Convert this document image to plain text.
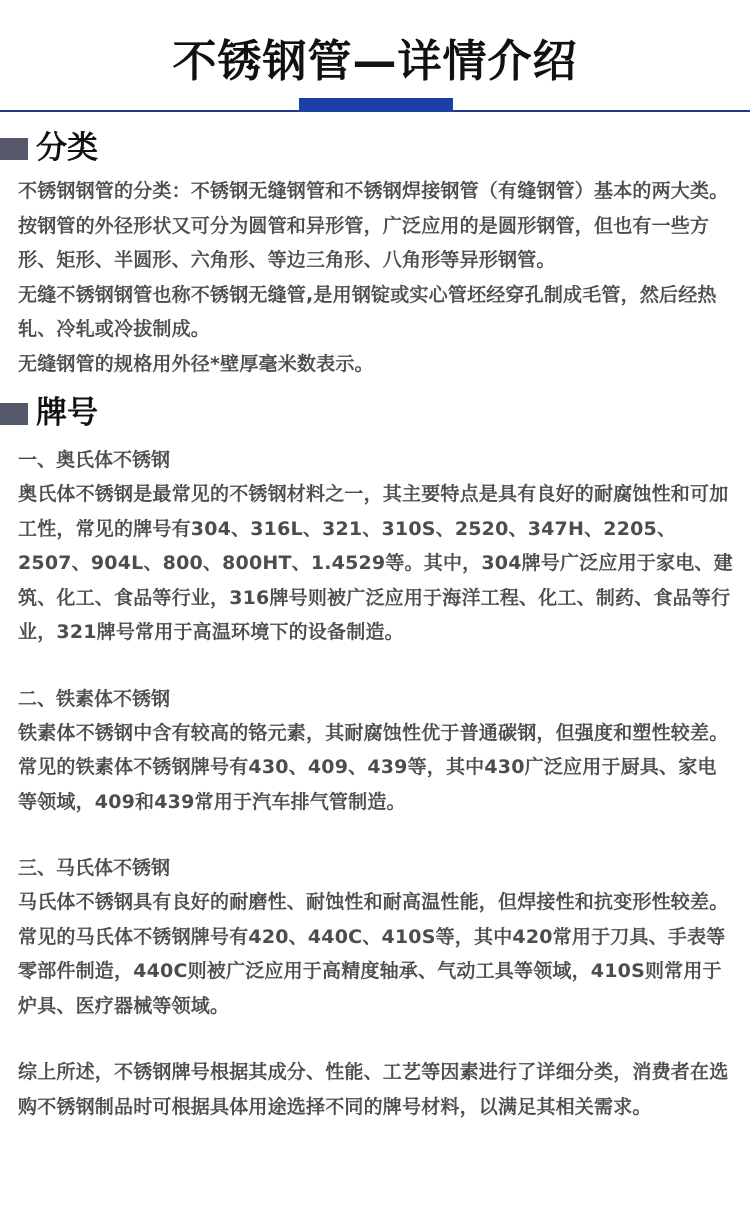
不锈钢管—详情介绍
分类

不锈钢钢管的分类：不锈钢无缝钢管和不锈钢焊接钢管（有缝钢管）基本的两大类。按钢管的外径形状又可分为圆管和异形管，广泛应用的是圆形钢管，但也有一些方形、矩形、半圆形、六角形、等边三角形、八角形等异形钢管。

无缝不锈钢钢管也称不锈钢无缝管,是用钢锭或实心管坯经穿孔制成毛管，然后经热轧、冷轧或冷拔制成。

无缝钢管的规格用外径*壁厚毫米数表示。

牌号
一、奥氏体不锈钢

奥氏体不锈钢是最常见的不锈钢材料之一，其主要特点是具有良好的耐腐蚀性和可加工性，常见的牌号有304、316L、321、310S、2520、347H、2205、2507、904L、800、800HT、1.4529等。其中，304牌号广泛应用于家电、建筑、化工、食品等行业，316牌号则被广泛应用于海洋工程、化工、制药、食品等行业，321牌号常用于高温环境下的设备制造。

二、铁素体不锈钢

铁素体不锈钢中含有较高的铬元素，其耐腐蚀性优于普通碳钢，但强度和塑性较差。常见的铁素体不锈钢牌号有430、409、439等，其中430广泛应用于厨具、家电等领域，409和439常用于汽车排气管制造。

三、马氏体不锈钢

马氏体不锈钢具有良好的耐磨性、耐蚀性和耐高温性能，但焊接性和抗变形性较差。常见的马氏体不锈钢牌号有420、440C、410S等，其中420常用于刀具、手表等零部件制造，440C则被广泛应用于高精度轴承、气动工具等领域，410S则常用于炉具、医疗器械等领域。

综上所述，不锈钢牌号根据其成分、性能、工艺等因素进行了详细分类，消费者在选购不锈钢制品时可根据具体用途选择不同的牌号材料，以满足其相关需求。
